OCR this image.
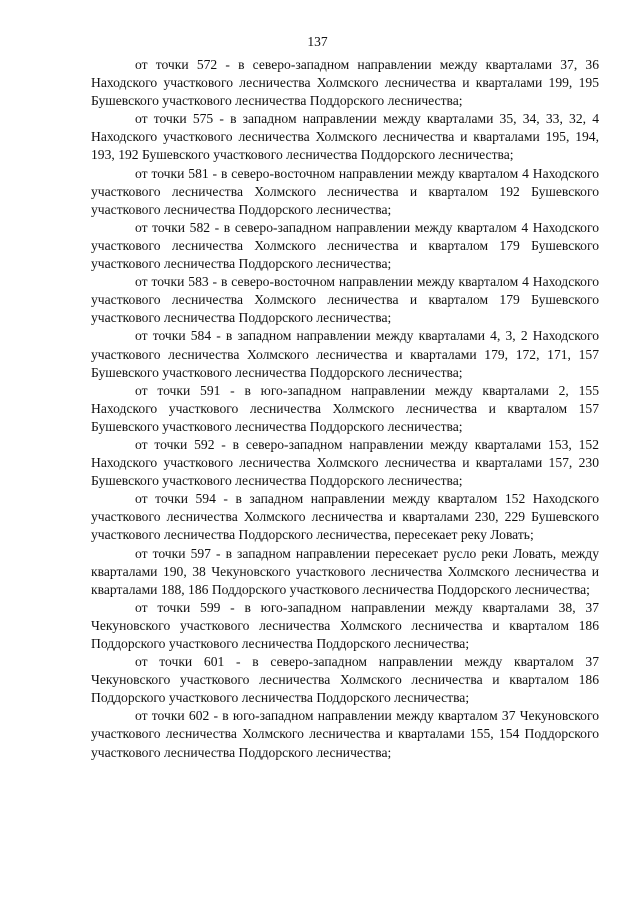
137

от точки 572 - в северо-западном направлении между кварталами 37, 36 Находского участкового лесничества Холмского лесничества и кварталами 199, 195 Бушевского участкового лесничества Поддорского лесничества;

от точки 575 - в западном направлении между кварталами 35, 34, 33, 32, 4 Находского участкового лесничества Холмского лесничества и кварталами 195, 194, 193, 192 Бушевского участкового лесничества Поддорского лесничества;

от точки 581 - в северо-восточном направлении между кварталом 4 Находского участкового лесничества Холмского лесничества и кварталом 192 Бушевского участкового лесничества Поддорского лесничества;

от точки 582 - в северо-западном направлении между кварталом 4 Находского участкового лесничества Холмского лесничества и кварталом 179 Бушевского участкового лесничества Поддорского лесничества;

от точки 583 - в северо-восточном направлении между кварталом 4 Находского участкового лесничества Холмского лесничества и кварталом 179 Бушевского участкового лесничества Поддорского лесничества;

от точки 584 - в западном направлении между кварталами 4, 3, 2 Находского участкового лесничества Холмского лесничества и кварталами 179, 172, 171, 157 Бушевского участкового лесничества Поддорского лесничества;

от точки 591 - в юго-западном направлении между кварталами 2, 155 Находского участкового лесничества Холмского лесничества и кварталом 157 Бушевского участкового лесничества Поддорского лесничества;

от точки 592 - в северо-западном направлении между кварталами 153, 152 Находского участкового лесничества Холмского лесничества и кварталами 157, 230 Бушевского участкового лесничества Поддорского лесничества;

от точки 594 - в западном направлении между кварталом 152 Находского участкового лесничества Холмского лесничества и кварталами 230, 229 Бушевского участкового лесничества Поддорского лесничества, пересекает реку Ловать;

от точки 597 - в западном направлении пересекает русло реки Ловать, между кварталами 190, 38 Чекуновского участкового лесничества Холмского лесничества и кварталами 188, 186 Поддорского участкового лесничества Поддорского лесничества;

от точки 599 - в юго-западном направлении между кварталами 38, 37 Чекуновского участкового лесничества Холмского лесничества и кварталом 186 Поддорского участкового лесничества Поддорского лесничества;

от точки 601 - в северо-западном направлении между кварталом 37 Чекуновского участкового лесничества Холмского лесничества и кварталом 186 Поддорского участкового лесничества Поддорского лесничества;

от точки 602 - в юго-западном направлении между кварталом 37 Чекуновского участкового лесничества Холмского лесничества и кварталами 155, 154 Поддорского участкового лесничества Поддорского лесничества;
